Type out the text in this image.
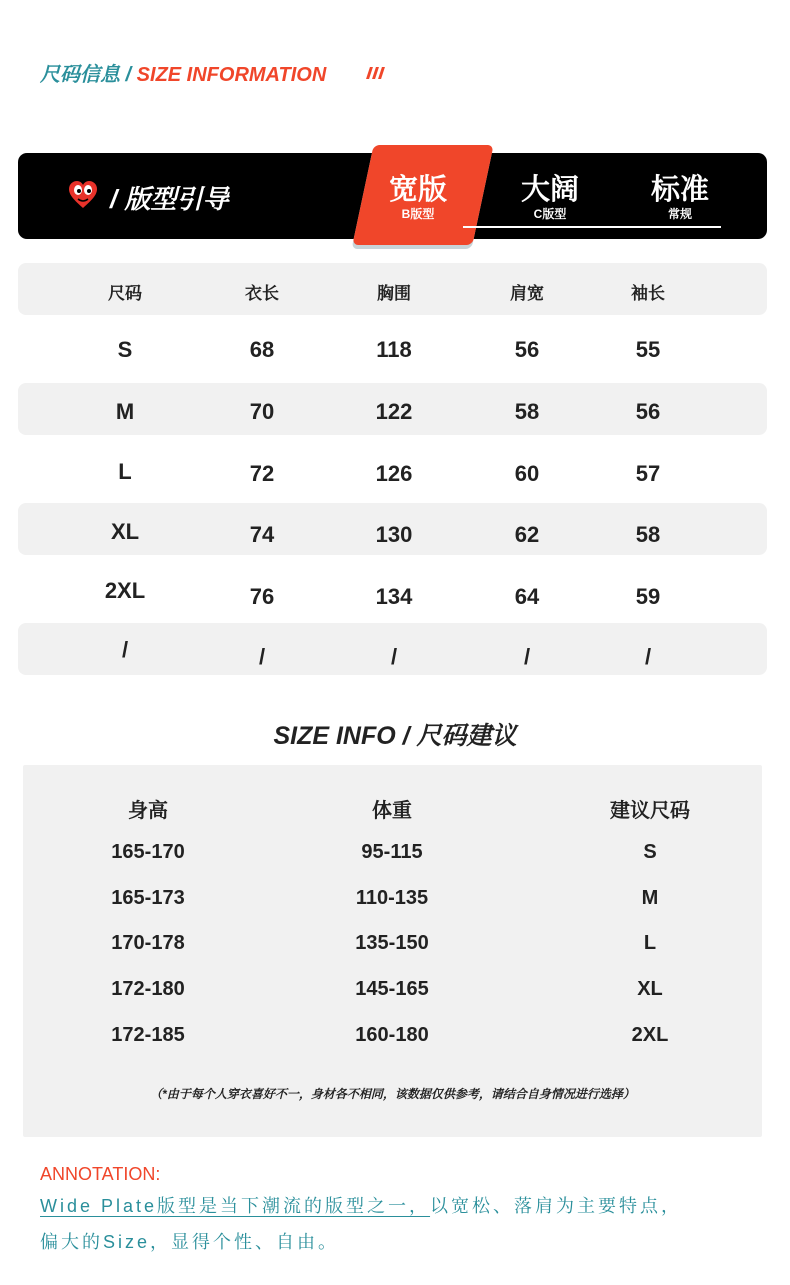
尺码信息 / SIZE INFORMATION
/ 版型引导	宽版
B版型
大阔
C版型
标准
常规
尺码	衣长	胸围	肩宽	袖长
S	68	118	56	55
M	70	122	58	56
L	72	126	60	57
XL	74	130	62	58
2XL	76	134	64	59
/	/	/	/	/
SIZE INFO / 尺码建议
身高	体重	建议尺码
165-170	95-115	S
165-173	110-135	M
170-178	135-150	L
172-180	145-165	XL
172-185	160-180	2XL
（*由于每个人穿衣喜好不一，身材各不相同，该数据仅供参考，请结合自身情况进行选择）
ANNOTATION:
Wide Plate版型是当下潮流的版型之一，以宽松、落肩为主要特点，
偏大的Size，显得个性、自由。
